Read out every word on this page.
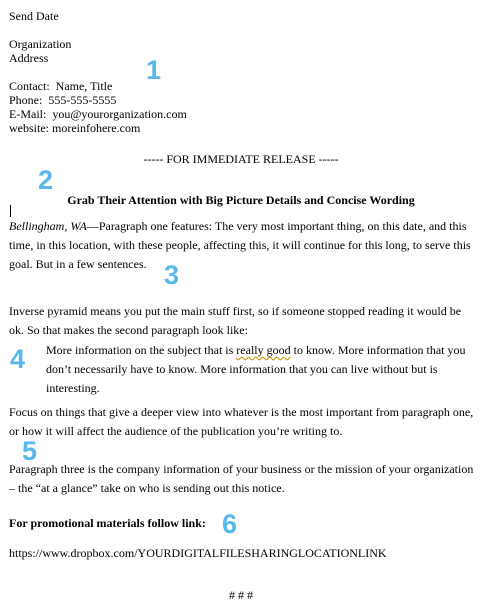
Send Date
Organization
Address
Contact:  Name, Title
Phone:  555-555-5555
E-Mail:  you@yourorganization.com
website: moreinfohere.com
----- FOR IMMEDIATE RELEASE -----
Grab Their Attention with Big Picture Details and Concise Wording
Bellingham, WA—Paragraph one features: The very most important thing, on this date, and this time, in this location, with these people, affecting this, it will continue for this long, to serve this goal. But in a few sentences.
Inverse pyramid means you put the main stuff first, so if someone stopped reading it would be ok. So that makes the second paragraph look like:
More information on the subject that is really good to know. More information that you don’t necessarily have to know. More information that you can live without but is interesting.
Focus on things that give a deeper view into whatever is the most important from paragraph one, or how it will affect the audience of the publication you’re writing to.
Paragraph three is the company information of your business or the mission of your organization – the “at a glance” take on who is sending out this notice.
For promotional materials follow link:
https://www.dropbox.com/YOURDIGITALFILESHARINGLOCATIONLINK
# # #
1
2
3
4
5
6
